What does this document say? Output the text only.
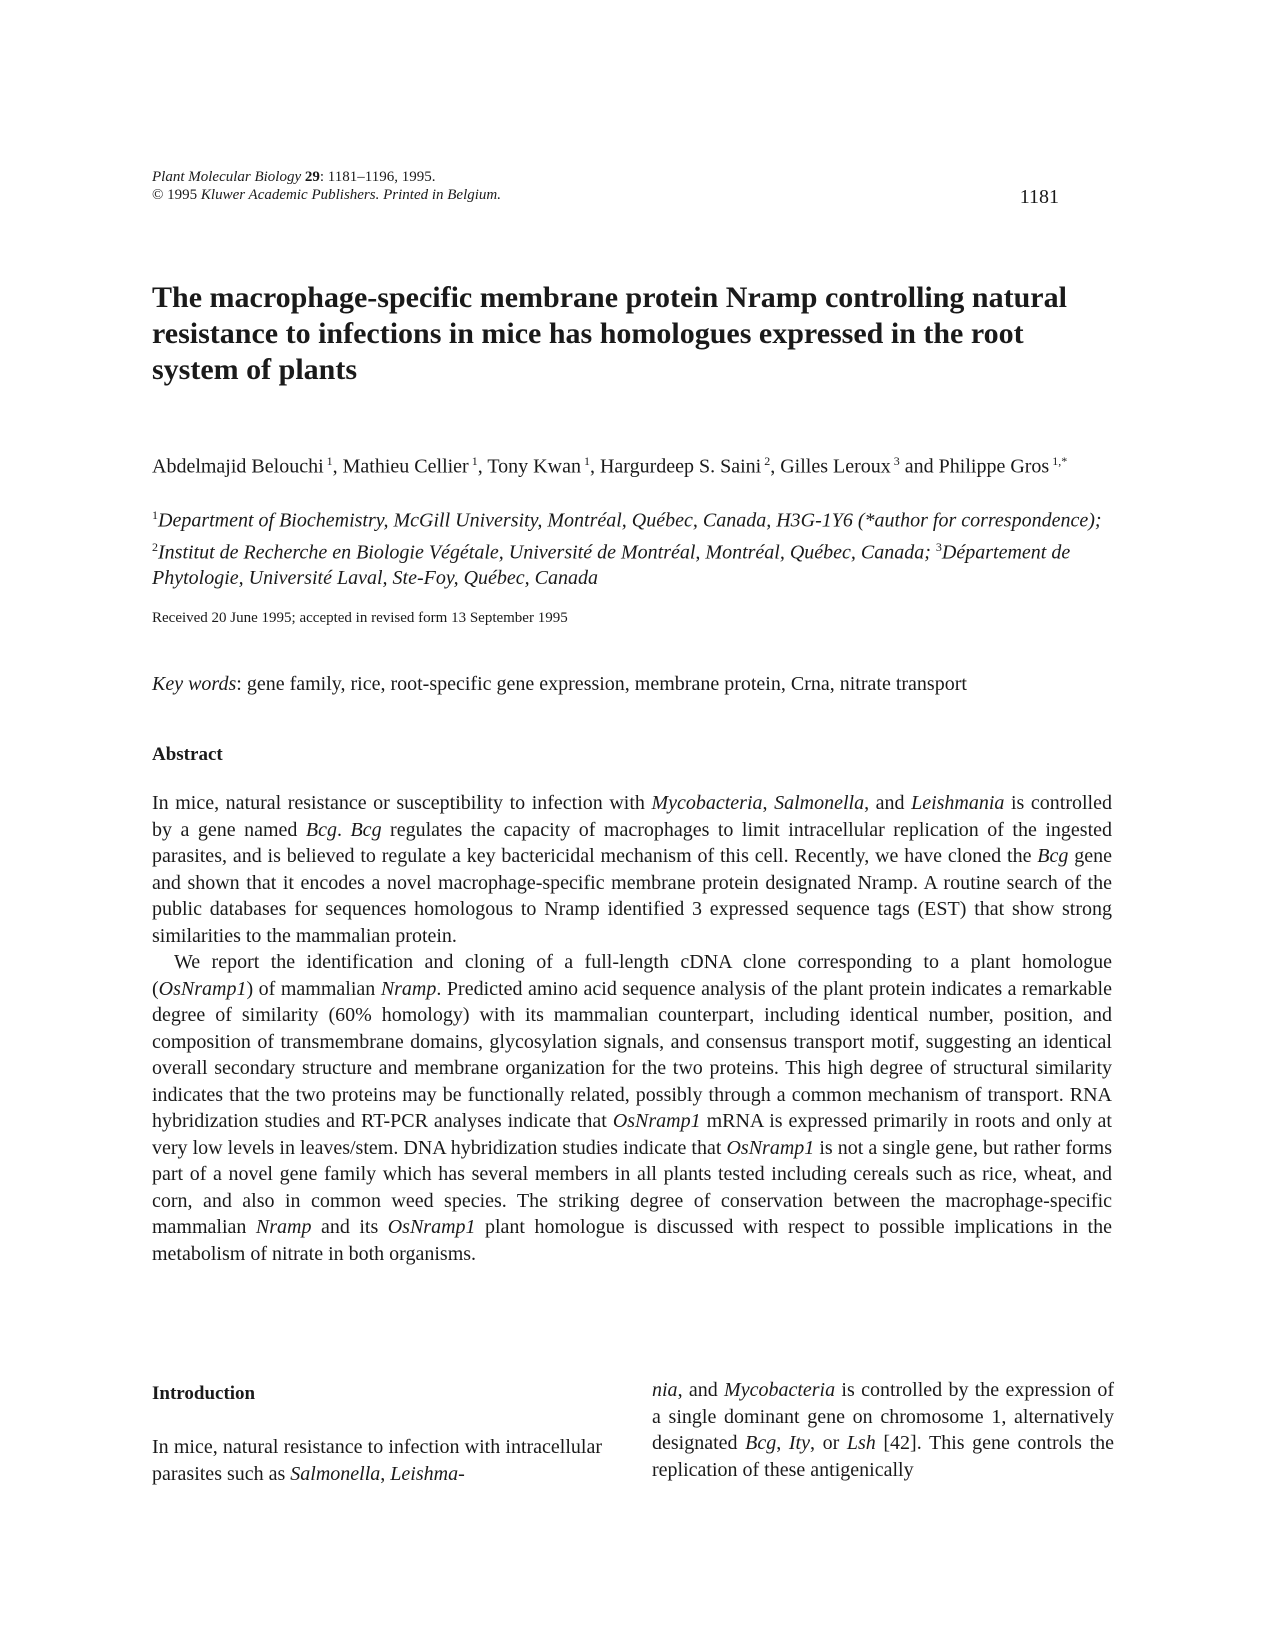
Plant Molecular Biology 29: 1181–1196, 1995.
© 1995 Kluwer Academic Publishers. Printed in Belgium.	1181
The macrophage-specific membrane protein Nramp controlling natural resistance to infections in mice has homologues expressed in the root system of plants
Abdelmajid Belouchi $^1$, Mathieu Cellier $^1$, Tony Kwan $^1$, Hargurdeep S. Saini $^2$, Gilles Leroux $^3$ and Philippe Gros $^{1,*}$
$^1$Department of Biochemistry, McGill University, Montréal, Québec, Canada, H3G-1Y6 (*author for correspondence); $^2$Institut de Recherche en Biologie Végétale, Université de Montréal, Montréal, Québec, Canada; $^3$Département de Phytologie, Université Laval, Ste-Foy, Québec, Canada
Received 20 June 1995; accepted in revised form 13 September 1995
Key words: gene family, rice, root-specific gene expression, membrane protein, Crna, nitrate transport
Abstract

In mice, natural resistance or susceptibility to infection with Mycobacteria, Salmonella, and Leishmania is controlled by a gene named Bcg. Bcg regulates the capacity of macrophages to limit intracellular replication of the ingested parasites, and is believed to regulate a key bactericidal mechanism of this cell. Recently, we have cloned the Bcg gene and shown that it encodes a novel macrophage-specific membrane protein designated Nramp. A routine search of the public databases for sequences homologous to Nramp identified 3 expressed sequence tags (EST) that show strong similarities to the mammalian protein.

We report the identification and cloning of a full-length cDNA clone corresponding to a plant homologue (OsNramp1) of mammalian Nramp. Predicted amino acid sequence analysis of the plant protein indicates a remarkable degree of similarity (60% homology) with its mammalian counterpart, including identical number, position, and composition of transmembrane domains, glycosylation signals, and consensus transport motif, suggesting an identical overall secondary structure and membrane organization for the two proteins. This high degree of structural similarity indicates that the two proteins may be functionally related, possibly through a common mechanism of transport. RNA hybridization studies and RT-PCR analyses indicate that OsNramp1 mRNA is expressed primarily in roots and only at very low levels in leaves/stem. DNA hybridization studies indicate that OsNramp1 is not a single gene, but rather forms part of a novel gene family which has several members in all plants tested including cereals such as rice, wheat, and corn, and also in common weed species. The striking degree of conservation between the macrophage-specific mammalian Nramp and its OsNramp1 plant homologue is discussed with respect to possible implications in the metabolism of nitrate in both organisms.

Introduction

In mice, natural resistance to infection with intracellular parasites such as Salmonella, Leishma-

nia, and Mycobacteria is controlled by the expression of a single dominant gene on chromosome 1, alternatively designated Bcg, Ity, or Lsh [42]. This gene controls the replication of these antigenically
